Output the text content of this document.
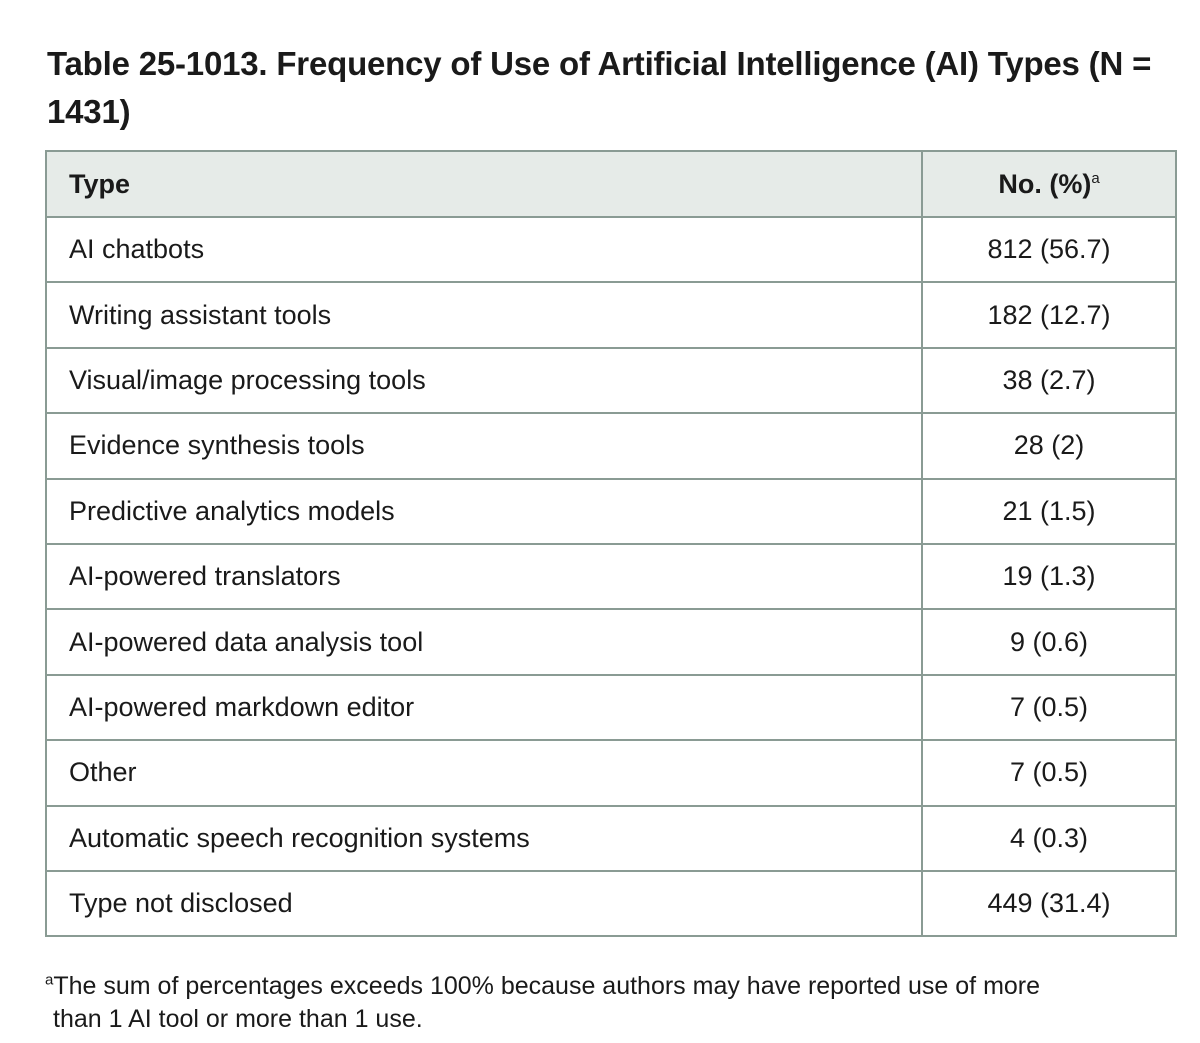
Table 25-1013. Frequency of Use of Artificial Intelligence (AI) Types (N = 1431)
Type	No. (%)$^a$
AI chatbots	812 (56.7)
Writing assistant tools	182 (12.7)
Visual/image processing tools	38 (2.7)
Evidence synthesis tools	28 (2)
Predictive analytics models	21 (1.5)
AI-powered translators	19 (1.3)
AI-powered data analysis tool	9 (0.6)
AI-powered markdown editor	7 (0.5)
Other	7 (0.5)
Automatic speech recognition systems	4 (0.3)
Type not disclosed	449 (31.4)
$^a$The sum of percentages exceeds 100% because authors may have reported use of more
than 1 AI tool or more than 1 use.
